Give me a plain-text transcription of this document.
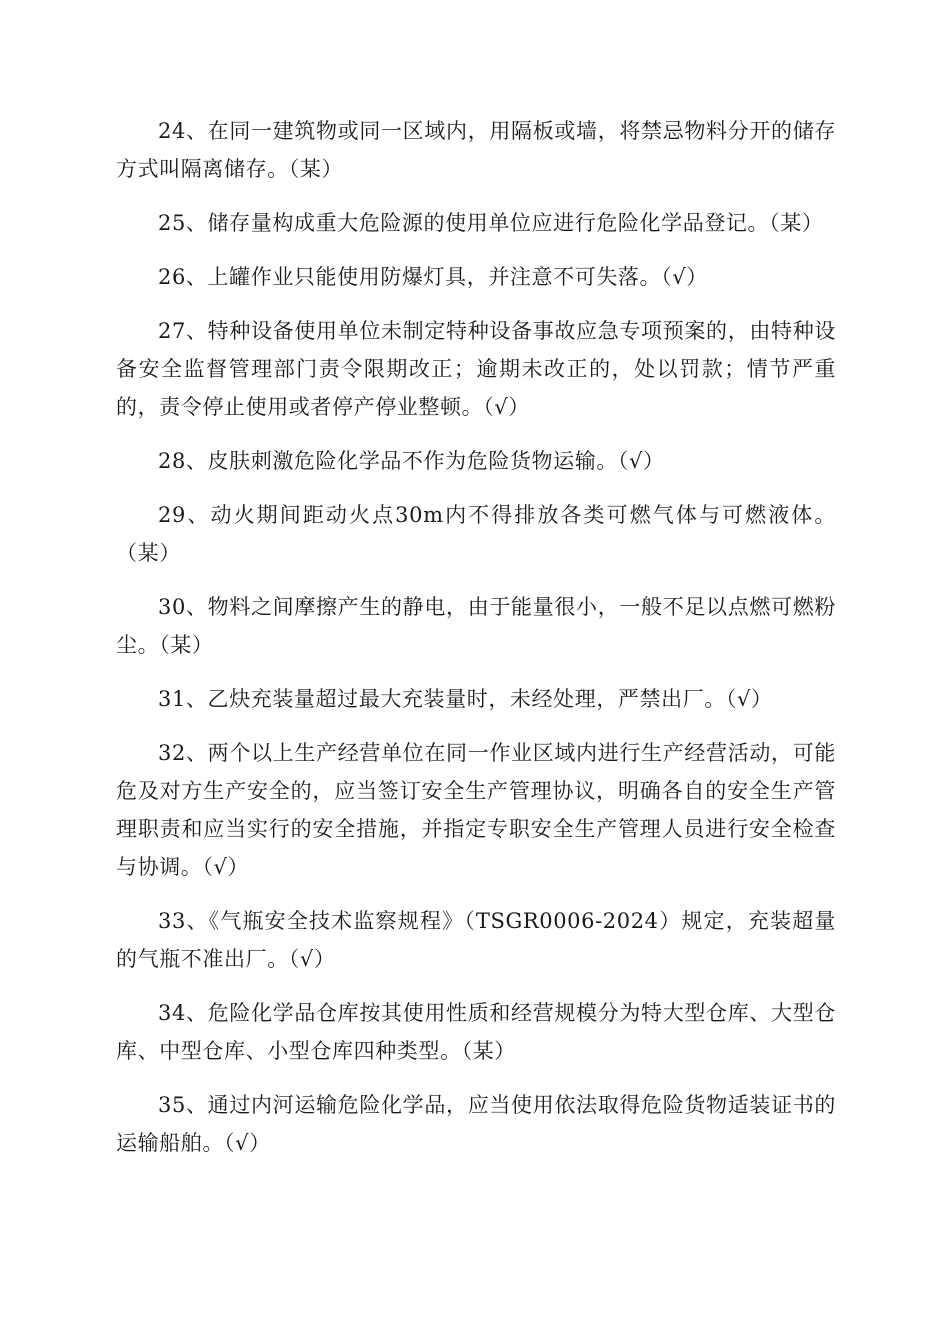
24、在同一建筑物或同一区域内，用隔板或墙，将禁忌物料分开的储存方式叫隔离储存。（某）

25、储存量构成重大危险源的使用单位应进行危险化学品登记。（某）

26、上罐作业只能使用防爆灯具，并注意不可失落。（√）

27、特种设备使用单位未制定特种设备事故应急专项预案的，由特种设备安全监督管理部门责令限期改正；逾期未改正的，处以罚款；情节严重的，责令停止使用或者停产停业整顿。（√）

28、皮肤刺激危险化学品不作为危险货物运输。（√）

29、动火期间距动火点30m内不得排放各类可燃气体与可燃液体。（某）

30、物料之间摩擦产生的静电，由于能量很小，一般不足以点燃可燃粉尘。（某）

31、乙炔充装量超过最大充装量时，未经处理，严禁出厂。（√）

32、两个以上生产经营单位在同一作业区域内进行生产经营活动，可能危及对方生产安全的，应当签订安全生产管理协议，明确各自的安全生产管理职责和应当实行的安全措施，并指定专职安全生产管理人员进行安全检查与协调。（√）

33、《气瓶安全技术监察规程》（TSGR0006-2024）规定，充装超量的气瓶不准出厂。（√）

34、危险化学品仓库按其使用性质和经营规模分为特大型仓库、大型仓库、中型仓库、小型仓库四种类型。（某）

35、通过内河运输危险化学品，应当使用依法取得危险货物适装证书的运输船舶。（√）
